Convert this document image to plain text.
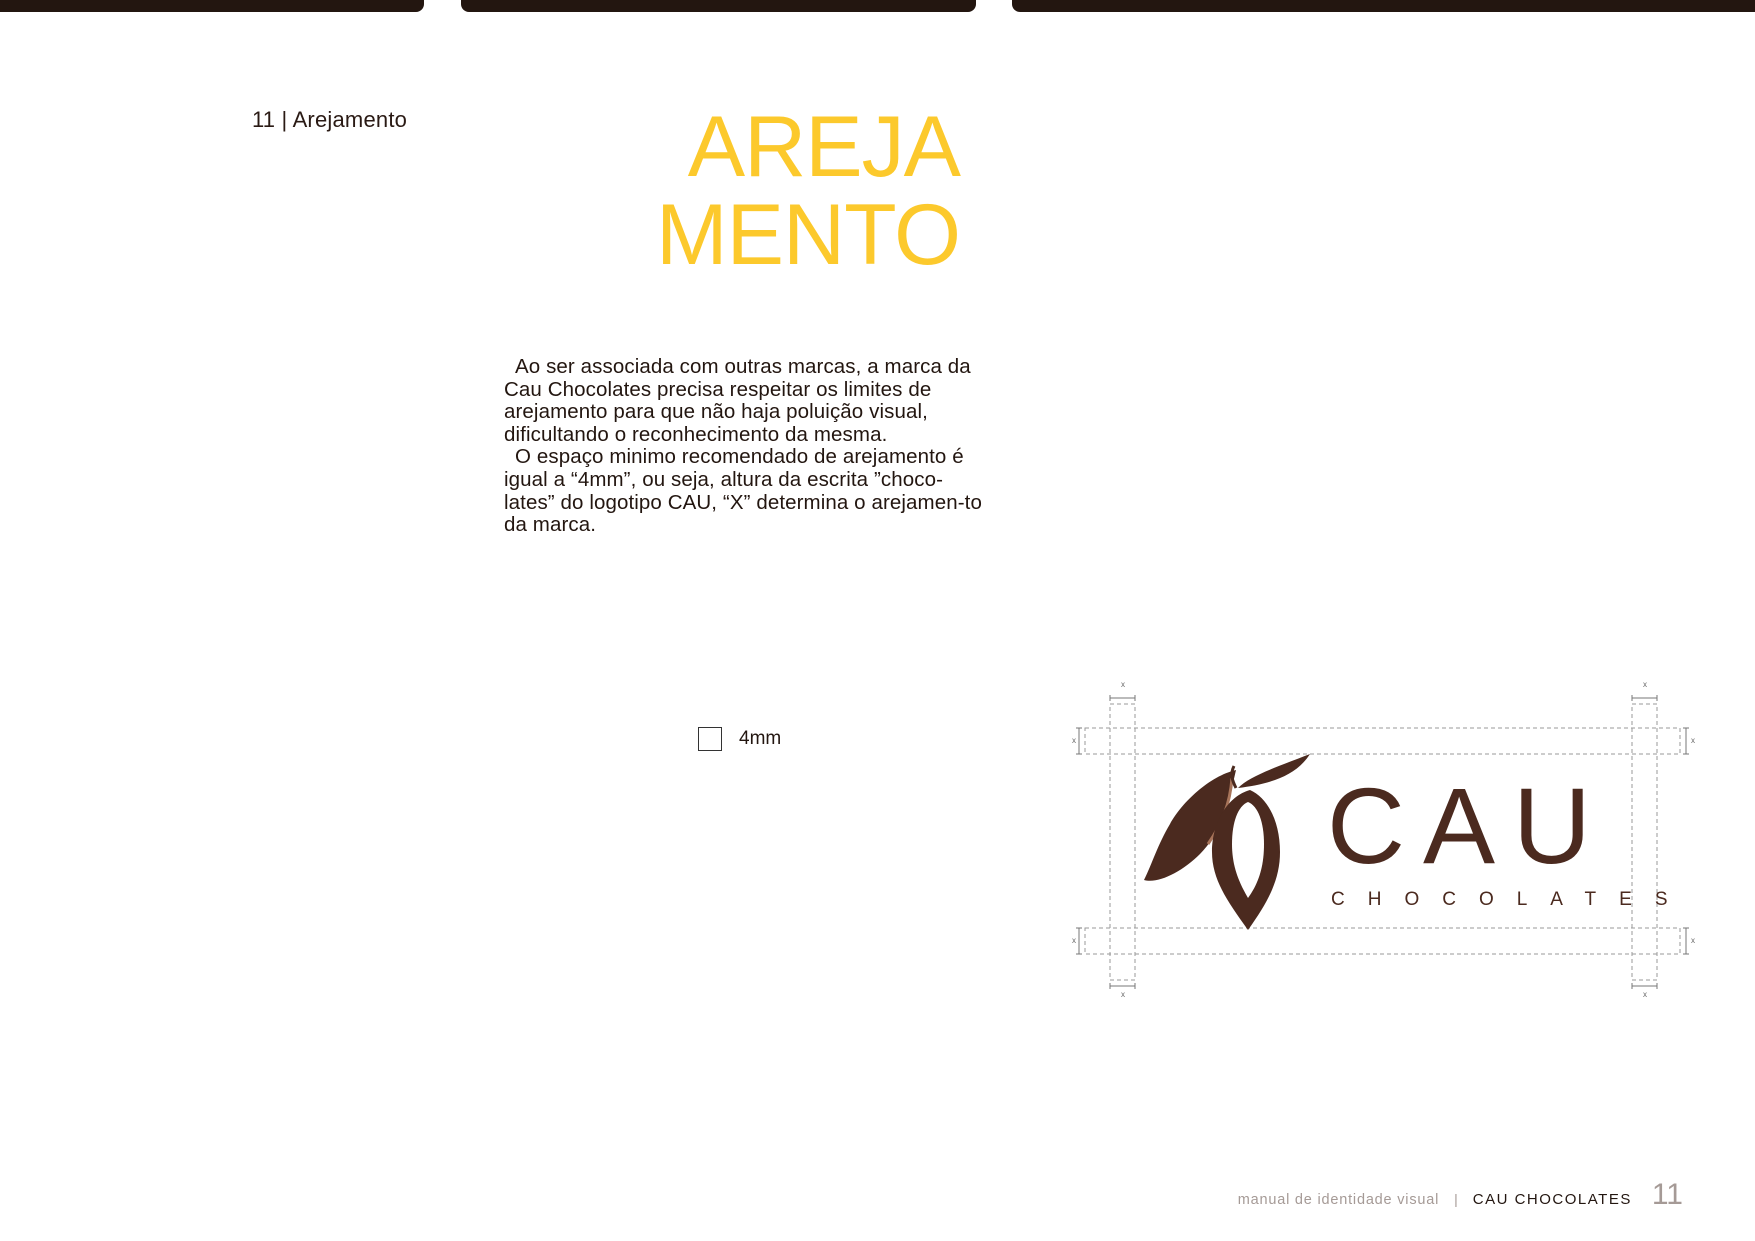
11 | Arejamento	AREJA
MENTO

Ao ser associada com outras marcas, a marca da Cau Chocolates precisa respeitar os limites de arejamento para que não haja poluição visual, dificultando o reconhecimento da mesma.

O espaço minimo recomendado de arejamento é igual a “4mm”, ou seja, altura da escrita ”choco-lates” do logotipo CAU, “X” determina o arejamen-to da marca.

4mm
CAU
CHOCOLATES
x	x
x	x
x	x
x	x
manual de identidade visual | CAU CHOCOLATES 11
